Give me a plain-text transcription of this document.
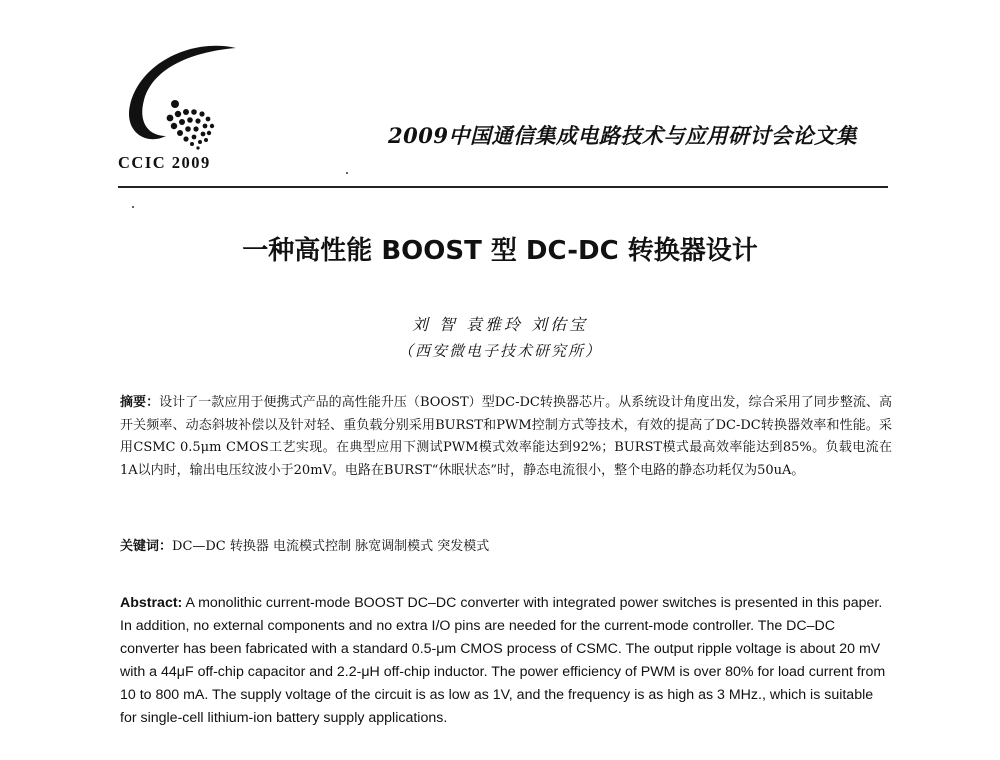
CCIC 2009
2009中国通信集成电路技术与应用研讨会论文集
一种高性能 BOOST 型 DC-DC 转换器设计
刘 智 袁雅玲 刘佑宝
（西安微电子技术研究所）

摘要：设计了一款应用于便携式产品的高性能升压（BOOST）型DC-DC转换器芯片。从系统设计角度出发，综合采用了同步整流、高开关频率、动态斜坡补偿以及针对轻、重负载分别采用BURST和PWM控制方式等技术，有效的提高了DC-DC转换器效率和性能。采用CSMC 0.5μm CMOS工艺实现。在典型应用下测试PWM模式效率能达到92%；BURST模式最高效率能达到85%。负载电流在1A以内时，输出电压纹波小于20mV。电路在BURST“休眠状态”时，静态电流很小，整个电路的静态功耗仅为50uA。

关键词：DC—DC 转换器 电流模式控制 脉宽调制模式 突发模式

Abstract: A monolithic current-mode BOOST DC–DC converter with integrated power switches is presented in this paper. In addition, no external components and no extra I/O pins are needed for the current-mode controller. The DC–DC converter has been fabricated with a standard 0.5-μm CMOS process of CSMC. The output ripple voltage is about 20 mV with a 44μF off-chip capacitor and 2.2-μH off-chip inductor. The power efficiency of PWM is over 80% for load current from 10 to 800 mA. The supply voltage of the circuit is as low as 1V, and the frequency is as high as 3 MHz., which is suitable for single-cell lithium-ion battery supply applications.
